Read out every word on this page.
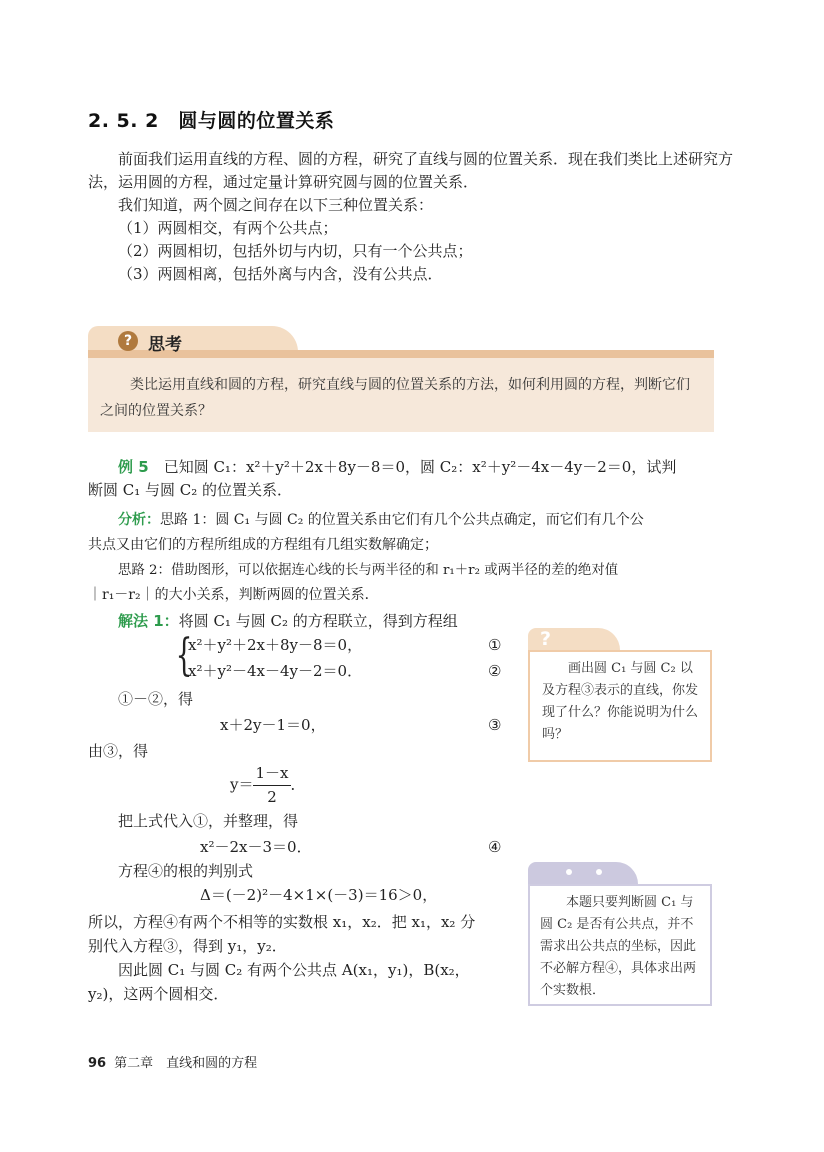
2. 5. 2　圆与圆的位置关系

前面我们运用直线的方程、圆的方程，研究了直线与圆的位置关系．现在我们类比上述研究方法，运用圆的方程，通过定量计算研究圆与圆的位置关系．

我们知道，两个圆之间存在以下三种位置关系：

（1）两圆相交，有两个公共点；

（2）两圆相切，包括外切与内切，只有一个公共点；

（3）两圆相离，包括外离与内含，没有公共点．

? 思考
类比运用直线和圆的方程，研究直线与圆的位置关系的方法，如何利用圆的方程，判断它们之间的位置关系？
例 5　 已知圆 C₁：x²＋y²＋2x＋8y－8＝0，圆 C₂：x²＋y²－4x－4y－2＝0，试判
断圆 C₁ 与圆 C₂ 的位置关系．
分析：思路 1：圆 C₁ 与圆 C₂ 的位置关系由它们有几个公共点确定，而它们有几个公
共点又由它们的方程所组成的方程组有几组实数解确定；
思路 2：借助图形，可以依据连心线的长与两半径的和 r₁＋r₂ 或两半径的差的绝对值
｜r₁－r₂｜的大小关系，判断两圆的位置关系．
解法 1：将圆 C₁ 与圆 C₂ 的方程联立，得到方程组
{
x²＋y²＋2x＋8y－8＝0，
x²＋y²－4x－4y－2＝0．
①
②
①－②，得
x＋2y－1＝0，	③
由③，得
$y= \frac{1-x}{2}$ ．
把上式代入①，并整理，得
x²－2x－3＝0．	④
方程④的根的判别式
Δ＝(－2)²－4×1×(－3)＝16＞0，
所以，方程④有两个不相等的实数根 x₁，x₂．把 x₁，x₂ 分
别代入方程③，得到 y₁，y₂．
因此圆 C₁ 与圆 C₂ 有两个公共点 A(x₁，y₁)，B(x₂，
y₂)，这两个圆相交．
?
画出圆 C₁ 与圆 C₂ 以及方程③表示的直线，你发现了什么？你能说明为什么吗？
本题只要判断圆 C₁ 与圆 C₂ 是否有公共点，并不需求出公共点的坐标，因此不必解方程④，具体求出两个实数根．
96 第二章　直线和圆的方程
